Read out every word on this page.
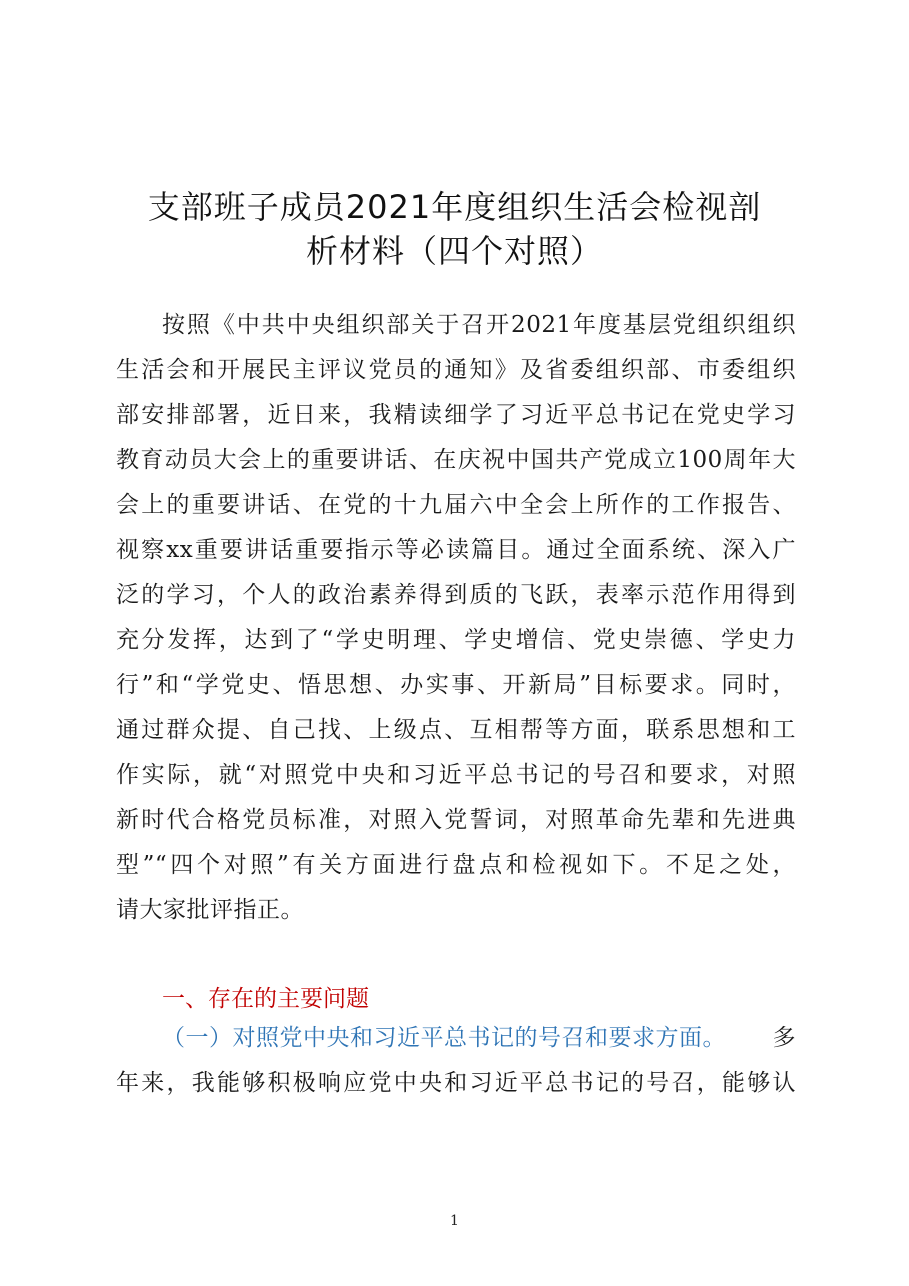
支部班子成员2021年度组织生活会检视剖
析材料（四个对照）
按照《中共中央组织部关于召开2021年度基层党组织组织
生活会和开展民主评议党员的通知》及省委组织部、市委组织
部安排部署，近日来，我精读细学了习近平总书记在党史学习
教育动员大会上的重要讲话、在庆祝中国共产党成立100周年大
会上的重要讲话、在党的十九届六中全会上所作的工作报告、
视察xx重要讲话重要指示等必读篇目。通过全面系统、深入广
泛的学习，个人的政治素养得到质的飞跃，表率示范作用得到
充分发挥，达到了“学史明理、学史增信、党史崇德、学史力
行”和“学党史、悟思想、办实事、开新局”目标要求。同时，
通过群众提、自己找、上级点、互相帮等方面，联系思想和工
作实际，就“对照党中央和习近平总书记的号召和要求，对照
新时代合格党员标准，对照入党誓词，对照革命先辈和先进典
型”“四个对照”有关方面进行盘点和检视如下。不足之处，
请大家批评指正。
一、存在的主要问题
（一）对照党中央和习近平总书记的号召和要求方面。 多
年来，我能够积极响应党中央和习近平总书记的号召，能够认
1
